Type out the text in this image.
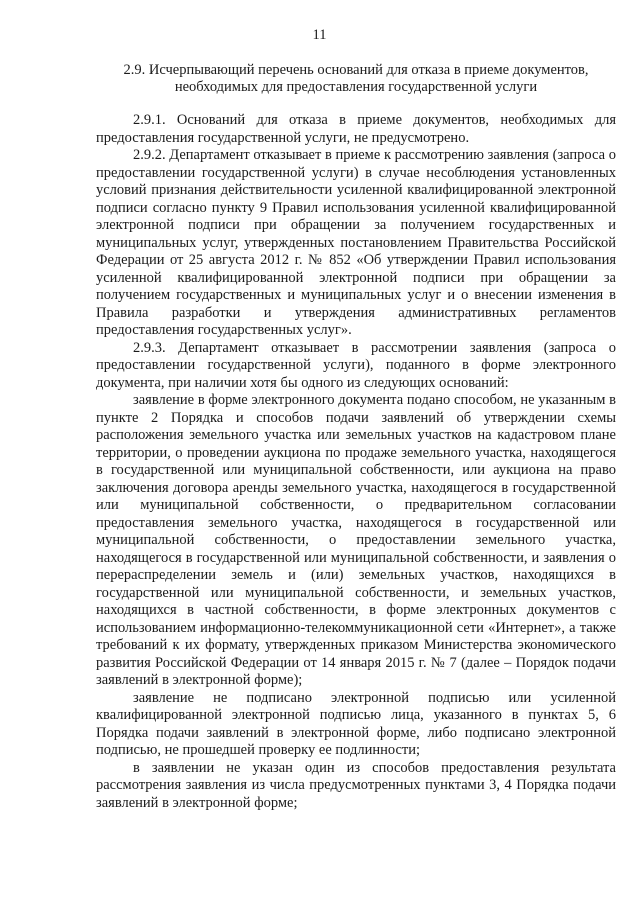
11
2.9. Исчерпывающий перечень оснований для отказа в приеме документов,
необходимых для предоставления государственной услуги

2.9.1. Оснований для отказа в приеме документов, необходимых для предоставления государственной услуги, не предусмотрено.

2.9.2. Департамент отказывает в приеме к рассмотрению заявления (запроса о предоставлении государственной услуги) в случае несоблюдения установленных условий признания действительности усиленной квалифицированной электронной подписи согласно пункту 9 Правил использования усиленной квалифицированной электронной подписи при обращении за получением государственных и муниципальных услуг, утвержденных постановлением Правительства Российской Федерации от 25 августа 2012 г. № 852 «Об утверждении Правил использования усиленной квалифицированной электронной подписи при обращении за получением государственных и муниципальных услуг и о внесении изменения в Правила разработки и утверждения административных регламентов предоставления государственных услуг».

2.9.3. Департамент отказывает в рассмотрении заявления (запроса о предоставлении государственной услуги), поданного в форме электронного документа, при наличии хотя бы одного из следующих оснований:

заявление в форме электронного документа подано способом, не указанным в пункте 2 Порядка и способов подачи заявлений об утверждении схемы расположения земельного участка или земельных участков на кадастровом плане территории, о проведении аукциона по продаже земельного участка, находящегося в государственной или муниципальной собственности, или аукциона на право заключения договора аренды земельного участка, находящегося в государственной или муниципальной собственности, о предварительном согласовании предоставления земельного участка, находящегося в государственной или муниципальной собственности, о предоставлении земельного участка, находящегося в государственной или муниципальной собственности, и заявления о перераспределении земель и (или) земельных участков, находящихся в государственной или муниципальной собственности, и земельных участков, находящихся в частной собственности, в форме электронных документов с использованием информационно-телекоммуникационной сети «Интернет», а также требований к их формату, утвержденных приказом Министерства экономического развития Российской Федерации от 14 января 2015 г. № 7 (далее – Порядок подачи заявлений в электронной форме);

заявление не подписано электронной подписью или усиленной квалифицированной электронной подписью лица, указанного в пунктах 5, 6 Порядка подачи заявлений в электронной форме, либо подписано электронной подписью, не прошедшей проверку ее подлинности;

в заявлении не указан один из способов предоставления результата рассмотрения заявления из числа предусмотренных пунктами 3, 4 Порядка подачи заявлений в электронной форме;
